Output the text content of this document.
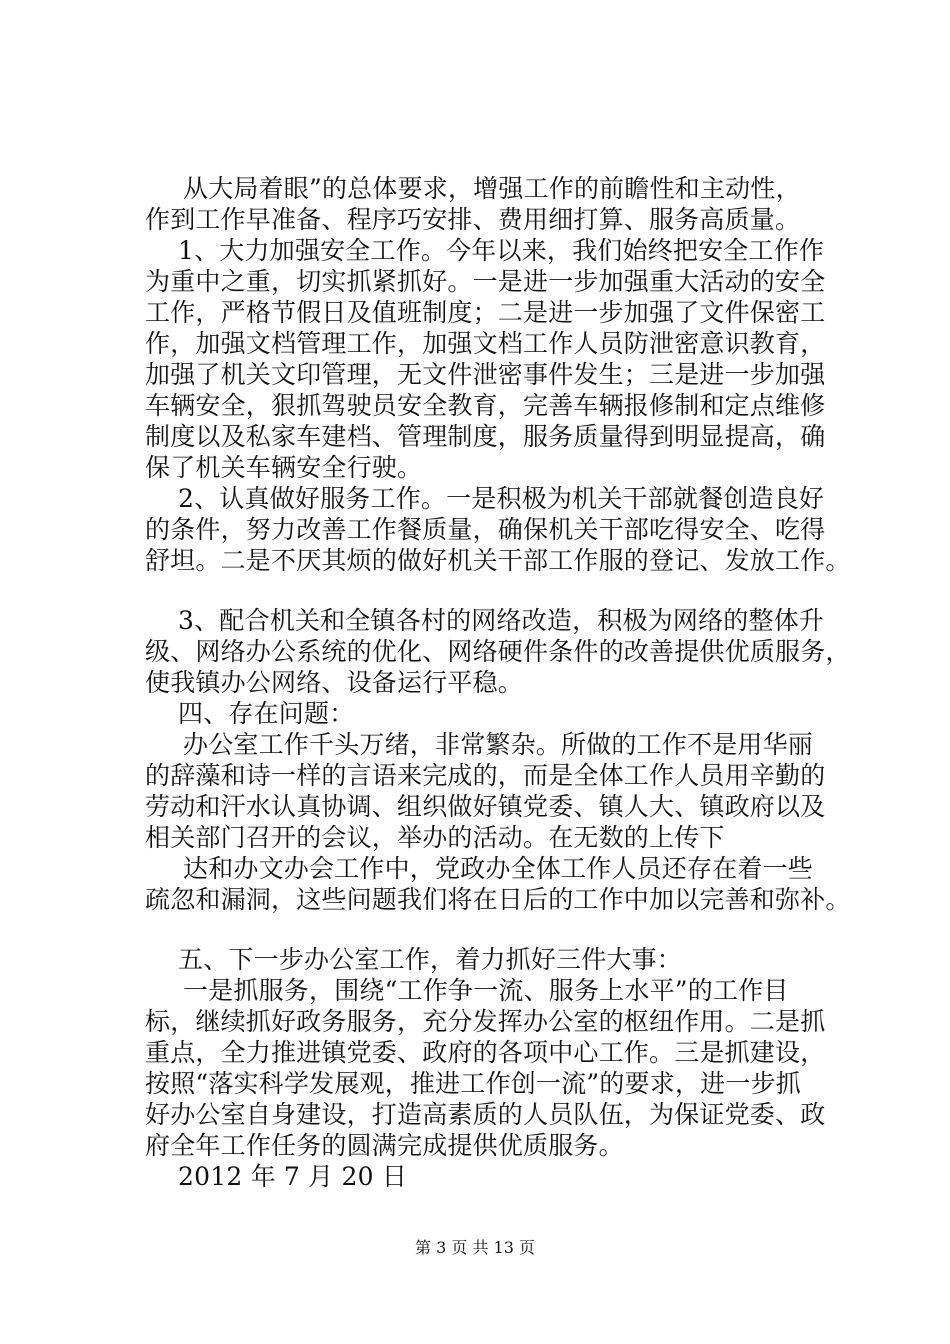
从大局着眼”的总体要求，增强工作的前瞻性和主动性，
作到工作早准备、程序巧安排、费用细打算、服务高质量。
1、大力加强安全工作。今年以来，我们始终把安全工作作
为重中之重，切实抓紧抓好。一是进一步加强重大活动的安全
工作，严格节假日及值班制度；二是进一步加强了文件保密工
作，加强文档管理工作，加强文档工作人员防泄密意识教育，
加强了机关文印管理，无文件泄密事件发生；三是进一步加强
车辆安全，狠抓驾驶员安全教育，完善车辆报修制和定点维修
制度以及私家车建档、管理制度，服务质量得到明显提高，确
保了机关车辆安全行驶。
2、认真做好服务工作。一是积极为机关干部就餐创造良好
的条件，努力改善工作餐质量，确保机关干部吃得安全、吃得
舒坦。二是不厌其烦的做好机关干部工作服的登记、发放工作。
3、配合机关和全镇各村的网络改造，积极为网络的整体升
级、网络办公系统的优化、网络硬件条件的改善提供优质服务，
使我镇办公网络、设备运行平稳。
四、存在问题：
办公室工作千头万绪，非常繁杂。所做的工作不是用华丽
的辞藻和诗一样的言语来完成的，而是全体工作人员用辛勤的
劳动和汗水认真协调、组织做好镇党委、镇人大、镇政府以及
相关部门召开的会议，举办的活动。在无数的上传下
达和办文办会工作中，党政办全体工作人员还存在着一些
疏忽和漏洞，这些问题我们将在日后的工作中加以完善和弥补。
五、下一步办公室工作，着力抓好三件大事：
一是抓服务，围绕“工作争一流、服务上水平”的工作目
标，继续抓好政务服务，充分发挥办公室的枢纽作用。二是抓
重点，全力推进镇党委、政府的各项中心工作。三是抓建设，
按照“落实科学发展观，推进工作创一流”的要求，进一步抓
好办公室自身建设，打造高素质的人员队伍，为保证党委、政
府全年工作任务的圆满完成提供优质服务。
2012 年 7 月 20 日
第 3 页 共 13 页
